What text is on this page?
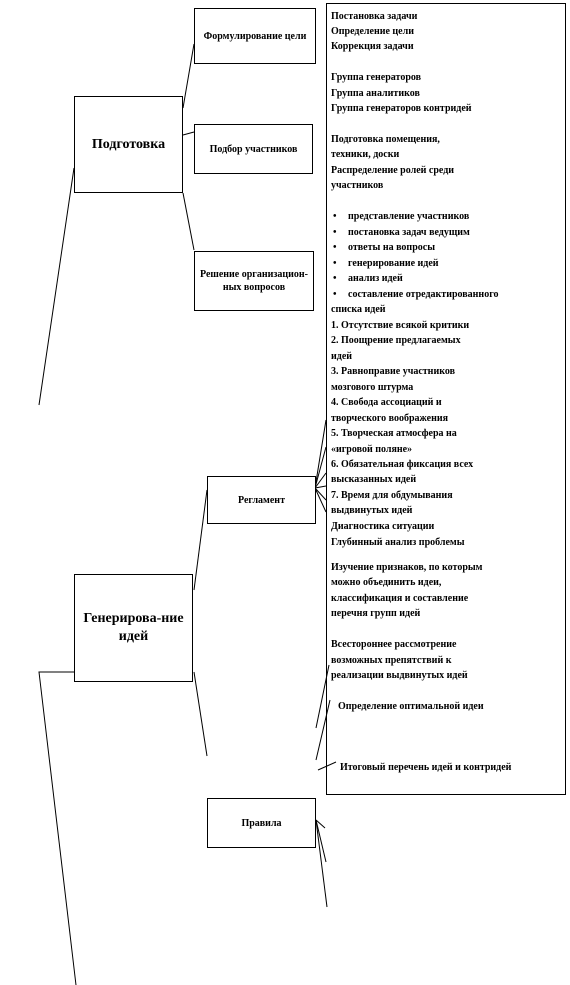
Подготовка
Формулирование цели
Подбор участников
Решение организацион-ных вопросов
Генерирова-ние идей
Регламент
Правила
Постановка задачи
Определение цели
Коррекция задачи
Группа генераторов
Группа аналитиков
Группа генераторов контридей
Подготовка помещения,
техники, доски
Распределение ролей среди
участников
• представление участников
• постановка задач ведущим
• ответы на вопросы
• генерирование идей
• анализ идей
• составление отредактированного
списка идей
1. Отсутствие всякой критики
2. Поощрение предлагаемых
идей
3. Равноправие участников
мозгового штурма
4. Свобода ассоциаций и
творческого воображения
5. Творческая атмосфера на
«игровой поляне»
6. Обязательная фиксация всех
высказанных идей
7. Время для обдумывания
выдвинутых идей
Диагностика ситуации
Глубинный анализ проблемы
Изучение признаков, по которым
можно объединить идеи,
классификация и составление
перечня групп идей
Всестороннее рассмотрение
возможных препятствий к
реализации выдвинутых идей
Определение оптимальной идеи
Итоговый перечень идей и контридей
